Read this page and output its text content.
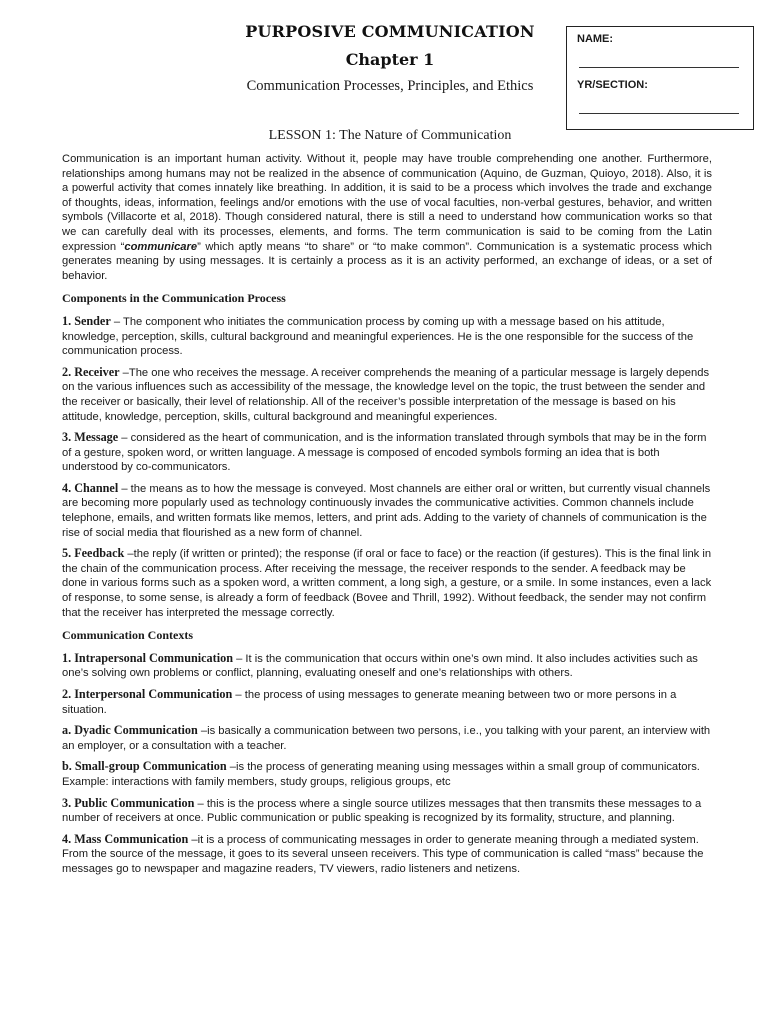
PURPOSIVE COMMUNICATION
Chapter 1
Communication Processes, Principles, and Ethics
NAME:
YR/SECTION:
LESSON 1: The Nature of Communication

Communication is an important human activity. Without it, people may have trouble comprehending one another. Furthermore, relationships among humans may not be realized in the absence of communication (Aquino, de Guzman, Quioyo, 2018). Also, it is a powerful activity that comes innately like breathing. In addition, it is said to be a process which involves the trade and exchange of thoughts, ideas, information, feelings and/or emotions with the use of vocal faculties, non-verbal gestures, behavior, and written symbols (Villacorte et al, 2018). Though considered natural, there is still a need to understand how communication works so that we can carefully deal with its processes, elements, and forms. The term communication is said to be coming from the Latin expression “communicare” which aptly means “to share” or “to make common”. Communication is a systematic process which generates meaning by using messages. It is certainly a process as it is an activity performed, an exchange of ideas, or a set of behavior.

Components in the Communication Process

1. Sender – The component who initiates the communication process by coming up with a message based on his attitude, knowledge, perception, skills, cultural background and meaningful experiences. He is the one responsible for the success of the communication process.

2. Receiver –The one who receives the message. A receiver comprehends the meaning of a particular message is largely depends on the various influences such as accessibility of the message, the knowledge level on the topic, the trust between the sender and the receiver or basically, their level of relationship. All of the receiver’s possible interpretation of the message is based on his attitude, knowledge, perception, skills, cultural background and meaningful experiences.

3. Message – considered as the heart of communication, and is the information translated through symbols that may be in the form of a gesture, spoken word, or written language. A message is composed of encoded symbols forming an idea that is both understood by co-communicators.

4. Channel – the means as to how the message is conveyed. Most channels are either oral or written, but currently visual channels are becoming more popularly used as technology continuously invades the communicative activities. Common channels include telephone, emails, and written formats like memos, letters, and print ads. Adding to the variety of channels of communication is the rise of social media that flourished as a new form of channel.

5. Feedback –the reply (if written or printed); the response (if oral or face to face) or the reaction (if gestures). This is the final link in the chain of the communication process. After receiving the message, the receiver responds to the sender. A feedback may be done in various forms such as a spoken word, a written comment, a long sigh, a gesture, or a smile. In some instances, even a lack of response, to some sense, is already a form of feedback (Bovee and Thrill, 1992). Without feedback, the sender may not confirm that the receiver has interpreted the message correctly.

Communication Contexts

1. Intrapersonal Communication – It is the communication that occurs within one’s own mind. It also includes activities such as one’s solving own problems or conflict, planning, evaluating oneself and one’s relationships with others.

2. Interpersonal Communication – the process of using messages to generate meaning between two or more persons in a situation.

a. Dyadic Communication –is basically a communication between two persons, i.e., you talking with your parent, an interview with an employer, or a consultation with a teacher.

b. Small-group Communication –is the process of generating meaning using messages within a small group of communicators. Example: interactions with family members, study groups, religious groups, etc

3. Public Communication – this is the process where a single source utilizes messages that then transmits these messages to a number of receivers at once. Public communication or public speaking is recognized by its formality, structure, and planning.

4. Mass Communication –it is a process of communicating messages in order to generate meaning through a mediated system. From the source of the message, it goes to its several unseen receivers. This type of communication is called “mass” because the messages go to newspaper and magazine readers, TV viewers, radio listeners and netizens.
